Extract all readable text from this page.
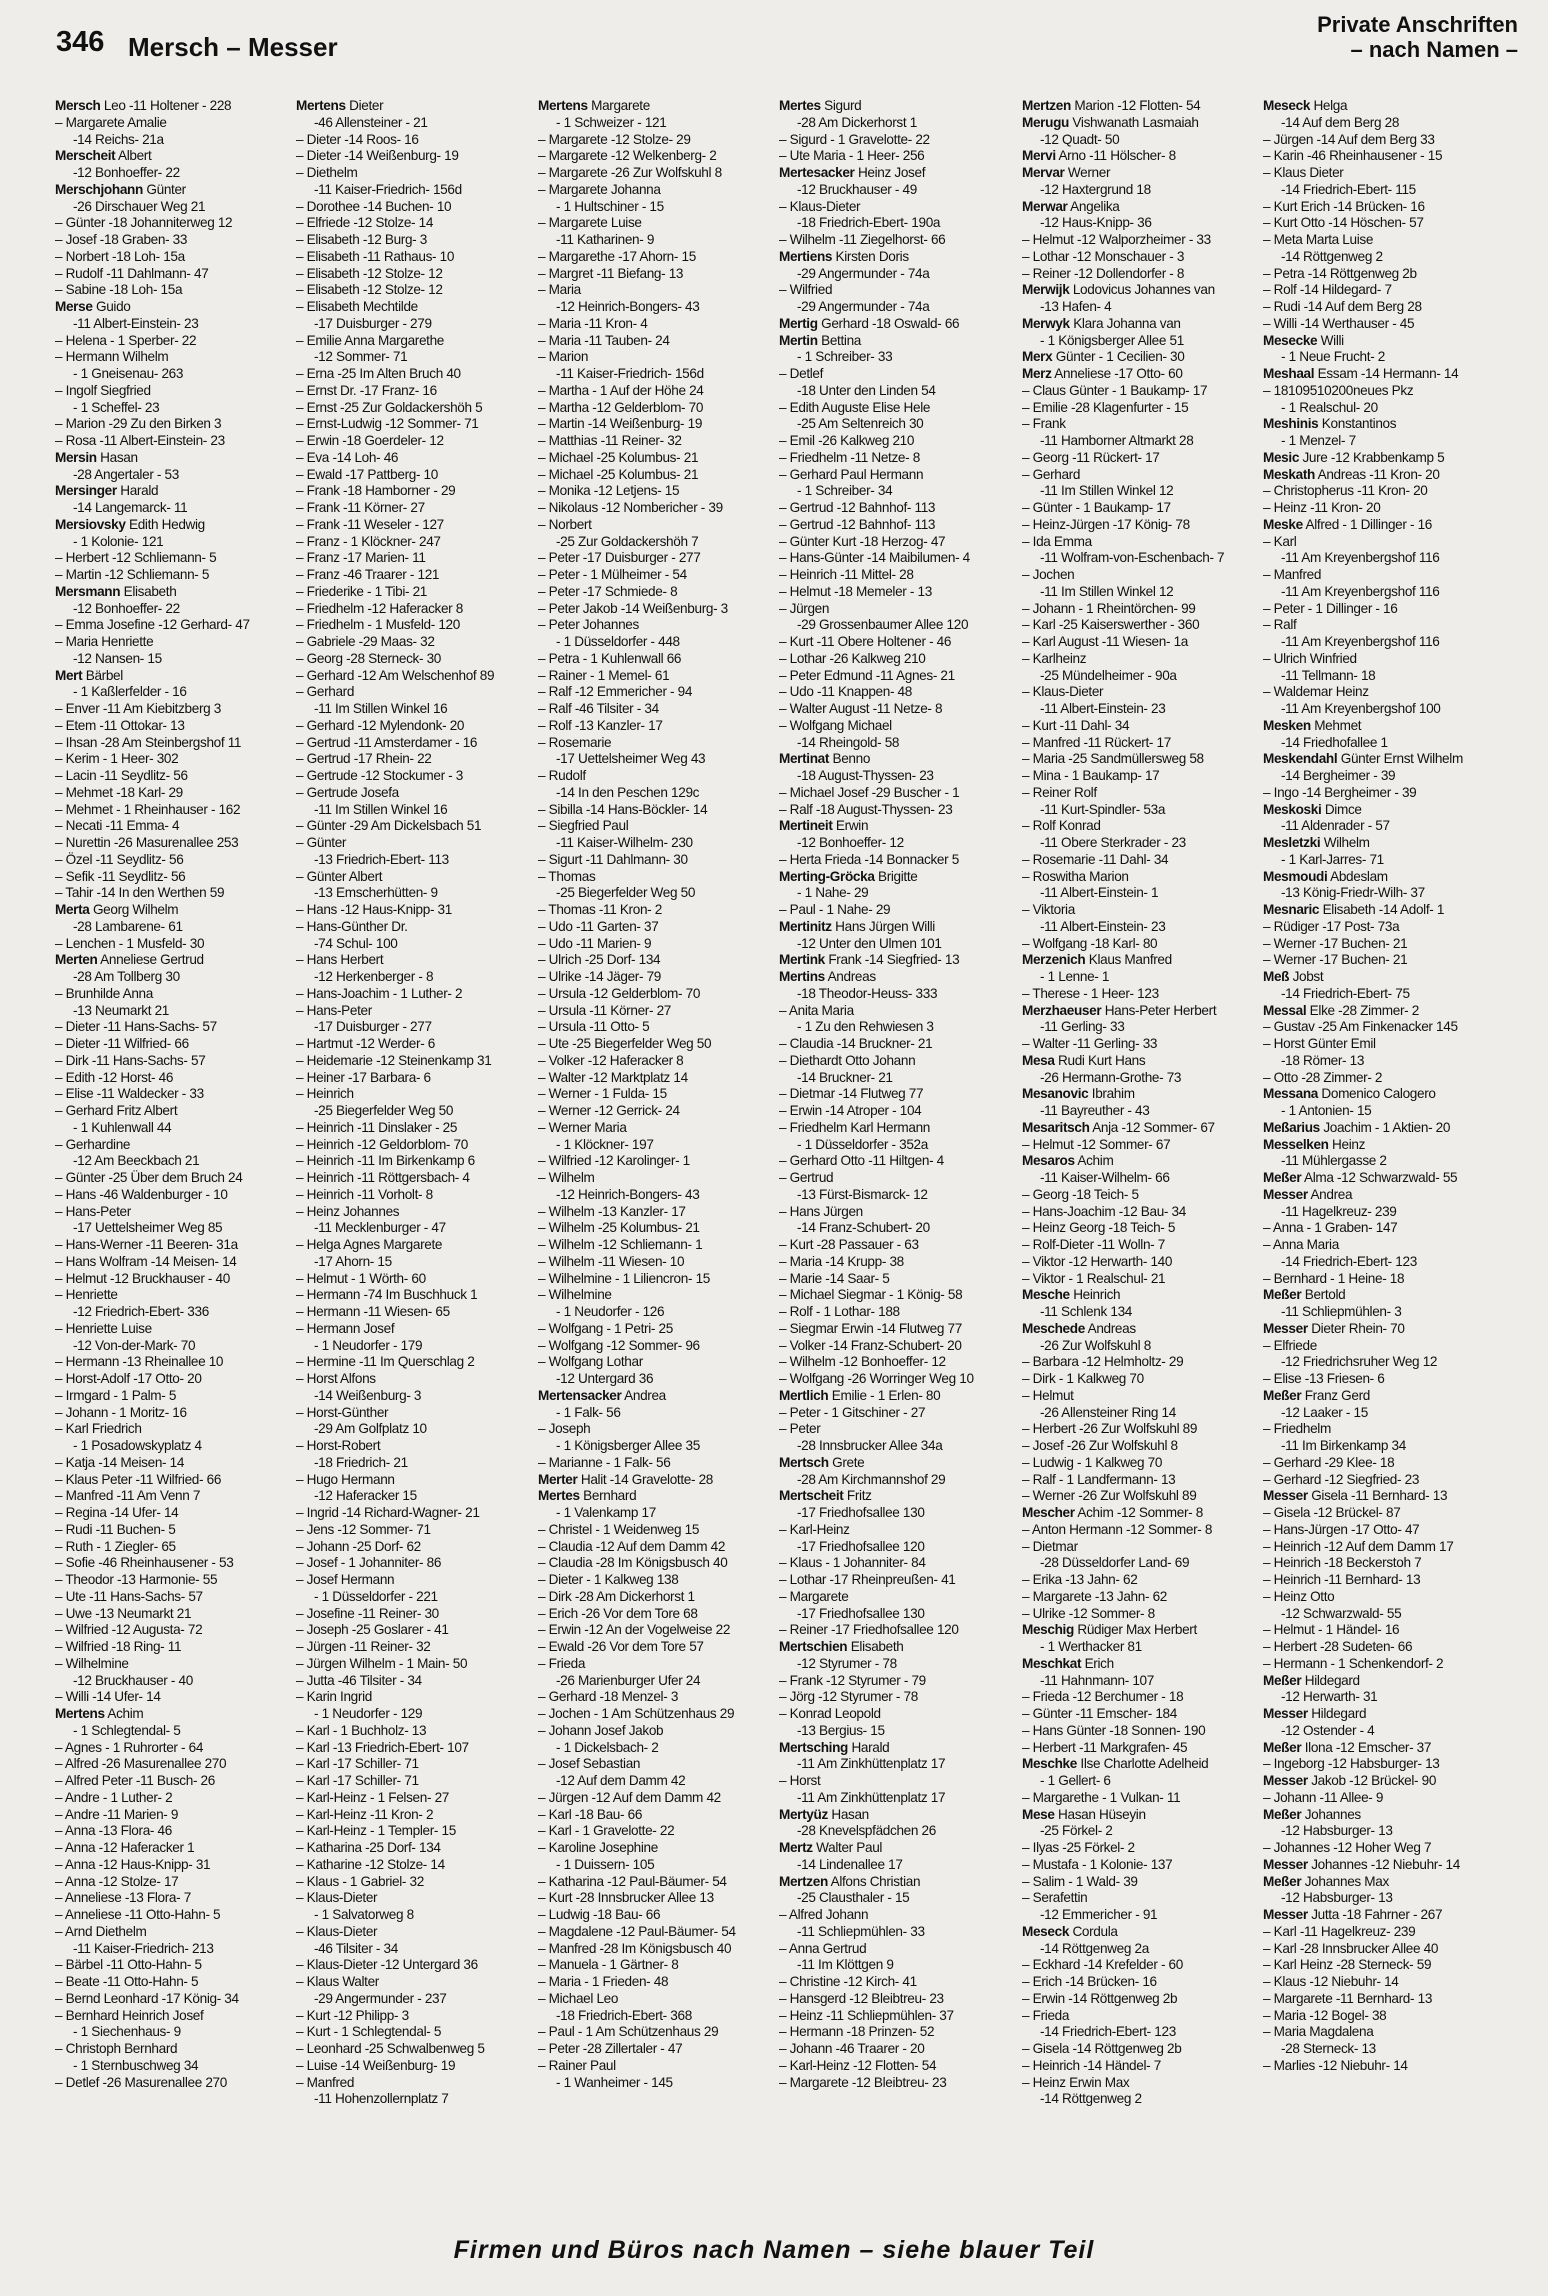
346 Mersch – Messer
Private Anschriften
– nach Namen –
Mersch Leo -11 Holtener - 228
– Margarete Amalie
-14 Reichs- 21a
Merscheit Albert
-12 Bonhoeffer- 22
Merschjohann Günter
-26 Dirschauer Weg 21
– Günter -18 Johanniterweg 12
– Josef -18 Graben- 33
– Norbert -18 Loh- 15a
– Rudolf -11 Dahlmann- 47
– Sabine -18 Loh- 15a
Merse Guido
-11 Albert-Einstein- 23
– Helena - 1 Sperber- 22
– Hermann Wilhelm
- 1 Gneisenau- 263
– Ingolf Siegfried
- 1 Scheffel- 23
– Marion -29 Zu den Birken 3
– Rosa -11 Albert-Einstein- 23
Mersin Hasan
-28 Angertaler - 53
Mersinger Harald
-14 Langemarck- 11
Mersiovsky Edith Hedwig
- 1 Kolonie- 121
– Herbert -12 Schliemann- 5
– Martin -12 Schliemann- 5
Mersmann Elisabeth
-12 Bonhoeffer- 22
– Emma Josefine -12 Gerhard- 47
– Maria Henriette
-12 Nansen- 15
Mert Bärbel
- 1 Kaßlerfelder - 16
– Enver -11 Am Kiebitzberg 3
– Etem -11 Ottokar- 13
– Ihsan -28 Am Steinbergshof 11
– Kerim - 1 Heer- 302
– Lacin -11 Seydlitz- 56
– Mehmet -18 Karl- 29
– Mehmet - 1 Rheinhauser - 162
– Necati -11 Emma- 4
– Nurettin -26 Masurenallee 253
– Özel -11 Seydlitz- 56
– Sefik -11 Seydlitz- 56
– Tahir -14 In den Werthen 59
Merta Georg Wilhelm
-28 Lambarene- 61
– Lenchen - 1 Musfeld- 30
Merten Anneliese Gertrud
-28 Am Tollberg 30
– Brunhilde Anna
-13 Neumarkt 21
– Dieter -11 Hans-Sachs- 57
– Dieter -11 Wilfried- 66
– Dirk -11 Hans-Sachs- 57
– Edith -12 Horst- 46
– Elise -11 Waldecker - 33
– Gerhard Fritz Albert
- 1 Kuhlenwall 44
– Gerhardine
-12 Am Beeckbach 21
– Günter -25 Über dem Bruch 24
– Hans -46 Waldenburger - 10
– Hans-Peter
-17 Uettelsheimer Weg 85
– Hans-Werner -11 Beeren- 31a
– Hans Wolfram -14 Meisen- 14
– Helmut -12 Bruckhauser - 40
– Henriette
-12 Friedrich-Ebert- 336
– Henriette Luise
-12 Von-der-Mark- 70
– Hermann -13 Rheinallee 10
– Horst-Adolf -17 Otto- 20
– Irmgard - 1 Palm- 5
– Johann - 1 Moritz- 16
– Karl Friedrich
- 1 Posadowskyplatz 4
– Katja -14 Meisen- 14
– Klaus Peter -11 Wilfried- 66
– Manfred -11 Am Venn 7
– Regina -14 Ufer- 14
– Rudi -11 Buchen- 5
– Ruth - 1 Ziegler- 65
– Sofie -46 Rheinhausener - 53
– Theodor -13 Harmonie- 55
– Ute -11 Hans-Sachs- 57
– Uwe -13 Neumarkt 21
– Wilfried -12 Augusta- 72
– Wilfried -18 Ring- 11
– Wilhelmine
-12 Bruckhauser - 40
– Willi -14 Ufer- 14
Mertens Achim
- 1 Schlegtendal- 5
– Agnes - 1 Ruhrorter - 64
– Alfred -26 Masurenallee 270
– Alfred Peter -11 Busch- 26
– Andre - 1 Luther- 2
– Andre -11 Marien- 9
– Anna -13 Flora- 46
– Anna -12 Haferacker 1
– Anna -12 Haus-Knipp- 31
– Anna -12 Stolze- 17
– Anneliese -13 Flora- 7
– Anneliese -11 Otto-Hahn- 5
– Arnd Diethelm
-11 Kaiser-Friedrich- 213
– Bärbel -11 Otto-Hahn- 5
– Beate -11 Otto-Hahn- 5
– Bernd Leonhard -17 König- 34
– Bernhard Heinrich Josef
- 1 Siechenhaus- 9
– Christoph Bernhard
- 1 Sternbuschweg 34
– Detlef -26 Masurenallee 270
Mertens Dieter
-46 Allensteiner - 21
– Dieter -14 Roos- 16
– Dieter -14 Weißenburg- 19
– Diethelm
-11 Kaiser-Friedrich- 156d
– Dorothee -14 Buchen- 10
– Elfriede -12 Stolze- 14
– Elisabeth -12 Burg- 3
– Elisabeth -11 Rathaus- 10
– Elisabeth -12 Stolze- 12
– Elisabeth -12 Stolze- 12
– Elisabeth Mechtilde
-17 Duisburger - 279
– Emilie Anna Margarethe
-12 Sommer- 71
– Erna -25 Im Alten Bruch 40
– Ernst Dr. -17 Franz- 16
– Ernst -25 Zur Goldackershöh 5
– Ernst-Ludwig -12 Sommer- 71
– Erwin -18 Goerdeler- 12
– Eva -14 Loh- 46
– Ewald -17 Pattberg- 10
– Frank -18 Hamborner - 29
– Frank -11 Körner- 27
– Frank -11 Weseler - 127
– Franz - 1 Klöckner- 247
– Franz -17 Marien- 11
– Franz -46 Traarer - 121
– Friederike - 1 Tibi- 21
– Friedhelm -12 Haferacker 8
– Friedhelm - 1 Musfeld- 120
– Gabriele -29 Maas- 32
– Georg -28 Sterneck- 30
– Gerhard -12 Am Welschenhof 89
– Gerhard
-11 Im Stillen Winkel 16
– Gerhard -12 Mylendonk- 20
– Gertrud -11 Amsterdamer - 16
– Gertrud -17 Rhein- 22
– Gertrude -12 Stockumer - 3
– Gertrude Josefa
-11 Im Stillen Winkel 16
– Günter -29 Am Dickelsbach 51
– Günter
-13 Friedrich-Ebert- 113
– Günter Albert
-13 Emscherhütten- 9
– Hans -12 Haus-Knipp- 31
– Hans-Günther Dr.
-74 Schul- 100
– Hans Herbert
-12 Herkenberger - 8
– Hans-Joachim - 1 Luther- 2
– Hans-Peter
-17 Duisburger - 277
– Hartmut -12 Werder- 6
– Heidemarie -12 Steinenkamp 31
– Heiner -17 Barbara- 6
– Heinrich
-25 Biegerfelder Weg 50
– Heinrich -11 Dinslaker - 25
– Heinrich -12 Geldorblom- 70
– Heinrich -11 Im Birkenkamp 6
– Heinrich -11 Röttgersbach- 4
– Heinrich -11 Vorholt- 8
– Heinz Johannes
-11 Mecklenburger - 47
– Helga Agnes Margarete
-17 Ahorn- 15
– Helmut - 1 Wörth- 60
– Hermann -74 Im Buschhuck 1
– Hermann -11 Wiesen- 65
– Hermann Josef
- 1 Neudorfer - 179
– Hermine -11 Im Querschlag 2
– Horst Alfons
-14 Weißenburg- 3
– Horst-Günther
-29 Am Golfplatz 10
– Horst-Robert
-18 Friedrich- 21
– Hugo Hermann
-12 Haferacker 15
– Ingrid -14 Richard-Wagner- 21
– Jens -12 Sommer- 71
– Johann -25 Dorf- 62
– Josef - 1 Johanniter- 86
– Josef Hermann
- 1 Düsseldorfer - 221
– Josefine -11 Reiner- 30
– Joseph -25 Goslarer - 41
– Jürgen -11 Reiner- 32
– Jürgen Wilhelm - 1 Main- 50
– Jutta -46 Tilsiter - 34
– Karin Ingrid
- 1 Neudorfer - 129
– Karl - 1 Buchholz- 13
– Karl -13 Friedrich-Ebert- 107
– Karl -17 Schiller- 71
– Karl -17 Schiller- 71
– Karl-Heinz - 1 Felsen- 27
– Karl-Heinz -11 Kron- 2
– Karl-Heinz - 1 Templer- 15
– Katharina -25 Dorf- 134
– Katharine -12 Stolze- 14
– Klaus - 1 Gabriel- 32
– Klaus-Dieter
- 1 Salvatorweg 8
– Klaus-Dieter
-46 Tilsiter - 34
– Klaus-Dieter -12 Untergard 36
– Klaus Walter
-29 Angermunder - 237
– Kurt -12 Philipp- 3
– Kurt - 1 Schlegtendal- 5
– Leonhard -25 Schwalbenweg 5
– Luise -14 Weißenburg- 19
– Manfred
-11 Hohenzollernplatz 7
Mertens Margarete
- 1 Schweizer - 121
– Margarete -12 Stolze- 29
– Margarete -12 Welkenberg- 2
– Margarete -26 Zur Wolfskuhl 8
– Margarete Johanna
- 1 Hultschiner - 15
– Margarete Luise
-11 Katharinen- 9
– Margarethe -17 Ahorn- 15
– Margret -11 Biefang- 13
– Maria
-12 Heinrich-Bongers- 43
– Maria -11 Kron- 4
– Maria -11 Tauben- 24
– Marion
-11 Kaiser-Friedrich- 156d
– Martha - 1 Auf der Höhe 24
– Martha -12 Gelderblom- 70
– Martin -14 Weißenburg- 19
– Matthias -11 Reiner- 32
– Michael -25 Kolumbus- 21
– Michael -25 Kolumbus- 21
– Monika -12 Letjens- 15
– Nikolaus -12 Nombericher - 39
– Norbert
-25 Zur Goldackershöh 7
– Peter -17 Duisburger - 277
– Peter - 1 Mülheimer - 54
– Peter -17 Schmiede- 8
– Peter Jakob -14 Weißenburg- 3
– Peter Johannes
- 1 Düsseldorfer - 448
– Petra - 1 Kuhlenwall 66
– Rainer - 1 Memel- 61
– Ralf -12 Emmericher - 94
– Ralf -46 Tilsiter - 34
– Rolf -13 Kanzler- 17
– Rosemarie
-17 Uettelsheimer Weg 43
– Rudolf
-14 In den Peschen 129c
– Sibilla -14 Hans-Böckler- 14
– Siegfried Paul
-11 Kaiser-Wilhelm- 230
– Sigurt -11 Dahlmann- 30
– Thomas
-25 Biegerfelder Weg 50
– Thomas -11 Kron- 2
– Udo -11 Garten- 37
– Udo -11 Marien- 9
– Ulrich -25 Dorf- 134
– Ulrike -14 Jäger- 79
– Ursula -12 Gelderblom- 70
– Ursula -11 Körner- 27
– Ursula -11 Otto- 5
– Ute -25 Biegerfelder Weg 50
– Volker -12 Haferacker 8
– Walter -12 Marktplatz 14
– Werner - 1 Fulda- 15
– Werner -12 Gerrick- 24
– Werner Maria
- 1 Klöckner- 197
– Wilfried -12 Karolinger- 1
– Wilhelm
-12 Heinrich-Bongers- 43
– Wilhelm -13 Kanzler- 17
– Wilhelm -25 Kolumbus- 21
– Wilhelm -12 Schliemann- 1
– Wilhelm -11 Wiesen- 10
– Wilhelmine - 1 Liliencron- 15
– Wilhelmine
- 1 Neudorfer - 126
– Wolfgang - 1 Petri- 25
– Wolfgang -12 Sommer- 96
– Wolfgang Lothar
-12 Untergard 36
Mertensacker Andrea
- 1 Falk- 56
– Joseph
- 1 Königsberger Allee 35
– Marianne - 1 Falk- 56
Merter Halit -14 Gravelotte- 28
Mertes Bernhard
- 1 Valenkamp 17
– Christel - 1 Weidenweg 15
– Claudia -12 Auf dem Damm 42
– Claudia -28 Im Königsbusch 40
– Dieter - 1 Kalkweg 138
– Dirk -28 Am Dickerhorst 1
– Erich -26 Vor dem Tore 68
– Erwin -12 An der Vogelweise 22
– Ewald -26 Vor dem Tore 57
– Frieda
-26 Marienburger Ufer 24
– Gerhard -18 Menzel- 3
– Jochen - 1 Am Schützenhaus 29
– Johann Josef Jakob
- 1 Dickelsbach- 2
– Josef Sebastian
-12 Auf dem Damm 42
– Jürgen -12 Auf dem Damm 42
– Karl -18 Bau- 66
– Karl - 1 Gravelotte- 22
– Karoline Josephine
- 1 Duissern- 105
– Katharina -12 Paul-Bäumer- 54
– Kurt -28 Innsbrucker Allee 13
– Ludwig -18 Bau- 66
– Magdalene -12 Paul-Bäumer- 54
– Manfred -28 Im Königsbusch 40
– Manuela - 1 Gärtner- 8
– Maria - 1 Frieden- 48
– Michael Leo
-18 Friedrich-Ebert- 368
– Paul - 1 Am Schützenhaus 29
– Peter -28 Zillertaler - 47
– Rainer Paul
- 1 Wanheimer - 145
Mertes Sigurd
-28 Am Dickerhorst 1
– Sigurd - 1 Gravelotte- 22
– Ute Maria - 1 Heer- 256
Mertesacker Heinz Josef
-12 Bruckhauser - 49
– Klaus-Dieter
-18 Friedrich-Ebert- 190a
– Wilhelm -11 Ziegelhorst- 66
Mertiens Kirsten Doris
-29 Angermunder - 74a
– Wilfried
-29 Angermunder - 74a
Mertig Gerhard -18 Oswald- 66
Mertin Bettina
- 1 Schreiber- 33
– Detlef
-18 Unter den Linden 54
– Edith Auguste Elise Hele
-25 Am Seltenreich 30
– Emil -26 Kalkweg 210
– Friedhelm -11 Netze- 8
– Gerhard Paul Hermann
- 1 Schreiber- 34
– Gertrud -12 Bahnhof- 113
– Gertrud -12 Bahnhof- 113
– Günter Kurt -18 Herzog- 47
– Hans-Günter -14 Maibilumen- 4
– Heinrich -11 Mittel- 28
– Helmut -18 Memeler - 13
– Jürgen
-29 Grossenbaumer Allee 120
– Kurt -11 Obere Holtener - 46
– Lothar -26 Kalkweg 210
– Peter Edmund -11 Agnes- 21
– Udo -11 Knappen- 48
– Walter August -11 Netze- 8
– Wolfgang Michael
-14 Rheingold- 58
Mertinat Benno
-18 August-Thyssen- 23
– Michael Josef -29 Buscher - 1
– Ralf -18 August-Thyssen- 23
Mertineit Erwin
-12 Bonhoeffer- 12
– Herta Frieda -14 Bonnacker 5
Merting-Gröcka Brigitte
- 1 Nahe- 29
– Paul - 1 Nahe- 29
Mertinitz Hans Jürgen Willi
-12 Unter den Ulmen 101
Mertink Frank -14 Siegfried- 13
Mertins Andreas
-18 Theodor-Heuss- 333
– Anita Maria
- 1 Zu den Rehwiesen 3
– Claudia -14 Bruckner- 21
– Diethardt Otto Johann
-14 Bruckner- 21
– Dietmar -14 Flutweg 77
– Erwin -14 Atroper - 104
– Friedhelm Karl Hermann
- 1 Düsseldorfer - 352a
– Gerhard Otto -11 Hiltgen- 4
– Gertrud
-13 Fürst-Bismarck- 12
– Hans Jürgen
-14 Franz-Schubert- 20
– Kurt -28 Passauer - 63
– Maria -14 Krupp- 38
– Marie -14 Saar- 5
– Michael Siegmar - 1 König- 58
– Rolf - 1 Lothar- 188
– Siegmar Erwin -14 Flutweg 77
– Volker -14 Franz-Schubert- 20
– Wilhelm -12 Bonhoeffer- 12
– Wolfgang -26 Worringer Weg 10
Mertlich Emilie - 1 Erlen- 80
– Peter - 1 Gitschiner - 27
– Peter
-28 Innsbrucker Allee 34a
Mertsch Grete
-28 Am Kirchmannshof 29
Mertscheit Fritz
-17 Friedhofsallee 130
– Karl-Heinz
-17 Friedhofsallee 120
– Klaus - 1 Johanniter- 84
– Lothar -17 Rheinpreußen- 41
– Margarete
-17 Friedhofsallee 130
– Reiner -17 Friedhofsallee 120
Mertschien Elisabeth
-12 Styrumer - 78
– Frank -12 Styrumer - 79
– Jörg -12 Styrumer - 78
– Konrad Leopold
-13 Bergius- 15
Mertsching Harald
-11 Am Zinkhüttenplatz 17
– Horst
-11 Am Zinkhüttenplatz 17
Mertyüz Hasan
-28 Knevelspfädchen 26
Mertz Walter Paul
-14 Lindenallee 17
Mertzen Alfons Christian
-25 Clausthaler - 15
– Alfred Johann
-11 Schliepmühlen- 33
– Anna Gertrud
-11 Im Klöttgen 9
– Christine -12 Kirch- 41
– Hansgerd -12 Bleibtreu- 23
– Heinz -11 Schliepmühlen- 37
– Hermann -18 Prinzen- 52
– Johann -46 Traarer - 20
– Karl-Heinz -12 Flotten- 54
– Margarete -12 Bleibtreu- 23
Mertzen Marion -12 Flotten- 54
Merugu Vishwanath Lasmaiah
-12 Quadt- 50
Mervi Arno -11 Hölscher- 8
Mervar Werner
-12 Haxtergrund 18
Merwar Angelika
-12 Haus-Knipp- 36
– Helmut -12 Walporzheimer - 33
– Lothar -12 Monschauer - 3
– Reiner -12 Dollendorfer - 8
Merwijk Lodovicus Johannes van
-13 Hafen- 4
Merwyk Klara Johanna van
- 1 Königsberger Allee 51
Merx Günter - 1 Cecilien- 30
Merz Anneliese -17 Otto- 60
– Claus Günter - 1 Baukamp- 17
– Emilie -28 Klagenfurter - 15
– Frank
-11 Hamborner Altmarkt 28
– Georg -11 Rückert- 17
– Gerhard
-11 Im Stillen Winkel 12
– Günter - 1 Baukamp- 17
– Heinz-Jürgen -17 König- 78
– Ida Emma
-11 Wolfram-von-Eschenbach- 7
– Jochen
-11 Im Stillen Winkel 12
– Johann - 1 Rheintörchen- 99
– Karl -25 Kaiserswerther - 360
– Karl August -11 Wiesen- 1a
– Karlheinz
-25 Mündelheimer - 90a
– Klaus-Dieter
-11 Albert-Einstein- 23
– Kurt -11 Dahl- 34
– Manfred -11 Rückert- 17
– Maria -25 Sandmüllersweg 58
– Mina - 1 Baukamp- 17
– Reiner Rolf
-11 Kurt-Spindler- 53a
– Rolf Konrad
-11 Obere Sterkrader - 23
– Rosemarie -11 Dahl- 34
– Roswitha Marion
-11 Albert-Einstein- 1
– Viktoria
-11 Albert-Einstein- 23
– Wolfgang -18 Karl- 80
Merzenich Klaus Manfred
- 1 Lenne- 1
– Therese - 1 Heer- 123
Merzhaeuser Hans-Peter Herbert
-11 Gerling- 33
– Walter -11 Gerling- 33
Mesa Rudi Kurt Hans
-26 Hermann-Grothe- 73
Mesanovic Ibrahim
-11 Bayreuther - 43
Mesaritsch Anja -12 Sommer- 67
– Helmut -12 Sommer- 67
Mesaros Achim
-11 Kaiser-Wilhelm- 66
– Georg -18 Teich- 5
– Hans-Joachim -12 Bau- 34
– Heinz Georg -18 Teich- 5
– Rolf-Dieter -11 Wolln- 7
– Viktor -12 Herwarth- 140
– Viktor - 1 Realschul- 21
Mesche Heinrich
-11 Schlenk 134
Meschede Andreas
-26 Zur Wolfskuhl 8
– Barbara -12 Helmholtz- 29
– Dirk - 1 Kalkweg 70
– Helmut
-26 Allensteiner Ring 14
– Herbert -26 Zur Wolfskuhl 89
– Josef -26 Zur Wolfskuhl 8
– Ludwig - 1 Kalkweg 70
– Ralf - 1 Landfermann- 13
– Werner -26 Zur Wolfskuhl 89
Mescher Achim -12 Sommer- 8
– Anton Hermann -12 Sommer- 8
– Dietmar
-28 Düsseldorfer Land- 69
– Erika -13 Jahn- 62
– Margarete -13 Jahn- 62
– Ulrike -12 Sommer- 8
Meschig Rüdiger Max Herbert
- 1 Werthacker 81
Meschkat Erich
-11 Hahnmann- 107
– Frieda -12 Berchumer - 18
– Günter -11 Emscher- 184
– Hans Günter -18 Sonnen- 190
– Herbert -11 Markgrafen- 45
Meschke Ilse Charlotte Adelheid
- 1 Gellert- 6
– Margarethe - 1 Vulkan- 11
Mese Hasan Hüseyin
-25 Förkel- 2
– Ilyas -25 Förkel- 2
– Mustafa - 1 Kolonie- 137
– Salim - 1 Wald- 39
– Serafettin
-12 Emmericher - 91
Meseck Cordula
-14 Röttgenweg 2a
– Eckhard -14 Krefelder - 60
– Erich -14 Brücken- 16
– Erwin -14 Röttgenweg 2b
– Frieda
-14 Friedrich-Ebert- 123
– Gisela -14 Röttgenweg 2b
– Heinrich -14 Händel- 7
– Heinz Erwin Max
-14 Röttgenweg 2
Meseck Helga
-14 Auf dem Berg 28
– Jürgen -14 Auf dem Berg 33
– Karin -46 Rheinhausener - 15
– Klaus Dieter
-14 Friedrich-Ebert- 115
– Kurt Erich -14 Brücken- 16
– Kurt Otto -14 Höschen- 57
– Meta Marta Luise
-14 Röttgenweg 2
– Petra -14 Röttgenweg 2b
– Rolf -14 Hildegard- 7
– Rudi -14 Auf dem Berg 28
– Willi -14 Werthauser - 45
Mesecke Willi
- 1 Neue Frucht- 2
Meshaal Essam -14 Hermann- 14
– 18109510200neues Pkz
- 1 Realschul- 20
Meshinis Konstantinos
- 1 Menzel- 7
Mesic Jure -12 Krabbenkamp 5
Meskath Andreas -11 Kron- 20
– Christopherus -11 Kron- 20
– Heinz -11 Kron- 20
Meske Alfred - 1 Dillinger - 16
– Karl
-11 Am Kreyenbergshof 116
– Manfred
-11 Am Kreyenbergshof 116
– Peter - 1 Dillinger - 16
– Ralf
-11 Am Kreyenbergshof 116
– Ulrich Winfried
-11 Tellmann- 18
– Waldemar Heinz
-11 Am Kreyenbergshof 100
Mesken Mehmet
-14 Friedhofallee 1
Meskendahl Günter Ernst Wilhelm
-14 Bergheimer - 39
– Ingo -14 Bergheimer - 39
Meskoski Dimce
-11 Aldenrader - 57
Mesletzki Wilhelm
- 1 Karl-Jarres- 71
Mesmoudi Abdeslam
-13 König-Friedr-Wilh- 37
Mesnaric Elisabeth -14 Adolf- 1
– Rüdiger -17 Post- 73a
– Werner -17 Buchen- 21
– Werner -17 Buchen- 21
Meß Jobst
-14 Friedrich-Ebert- 75
Messal Elke -28 Zimmer- 2
– Gustav -25 Am Finkenacker 145
– Horst Günter Emil
-18 Römer- 13
– Otto -28 Zimmer- 2
Messana Domenico Calogero
- 1 Antonien- 15
Meßarius Joachim - 1 Aktien- 20
Messelken Heinz
-11 Mühlergasse 2
Meßer Alma -12 Schwarzwald- 55
Messer Andrea
-11 Hagelkreuz- 239
– Anna - 1 Graben- 147
– Anna Maria
-14 Friedrich-Ebert- 123
– Bernhard - 1 Heine- 18
Meßer Bertold
-11 Schliepmühlen- 3
Messer Dieter Rhein- 70
– Elfriede
-12 Friedrichsruher Weg 12
– Elise -13 Friesen- 6
Meßer Franz Gerd
-12 Laaker - 15
– Friedhelm
-11 Im Birkenkamp 34
– Gerhard -29 Klee- 18
– Gerhard -12 Siegfried- 23
Messer Gisela -11 Bernhard- 13
– Gisela -12 Brückel- 87
– Hans-Jürgen -17 Otto- 47
– Heinrich -12 Auf dem Damm 17
– Heinrich -18 Beckerstoh 7
– Heinrich -11 Bernhard- 13
– Heinz Otto
-12 Schwarzwald- 55
– Helmut - 1 Händel- 16
– Herbert -28 Sudeten- 66
– Hermann - 1 Schenkendorf- 2
Meßer Hildegard
-12 Herwarth- 31
Messer Hildegard
-12 Ostender - 4
Meßer Ilona -12 Emscher- 37
– Ingeborg -12 Habsburger- 13
Messer Jakob -12 Brückel- 90
– Johann -11 Allee- 9
Meßer Johannes
-12 Habsburger- 13
– Johannes -12 Hoher Weg 7
Messer Johannes -12 Niebuhr- 14
Meßer Johannes Max
-12 Habsburger- 13
Messer Jutta -18 Fahrner - 267
– Karl -11 Hagelkreuz- 239
– Karl -28 Innsbrucker Allee 40
– Karl Heinz -28 Sterneck- 59
– Klaus -12 Niebuhr- 14
– Margarete -11 Bernhard- 13
– Maria -12 Bogel- 38
– Maria Magdalena
-28 Sterneck- 13
– Marlies -12 Niebuhr- 14
Firmen und Büros nach Namen – siehe blauer Teil
